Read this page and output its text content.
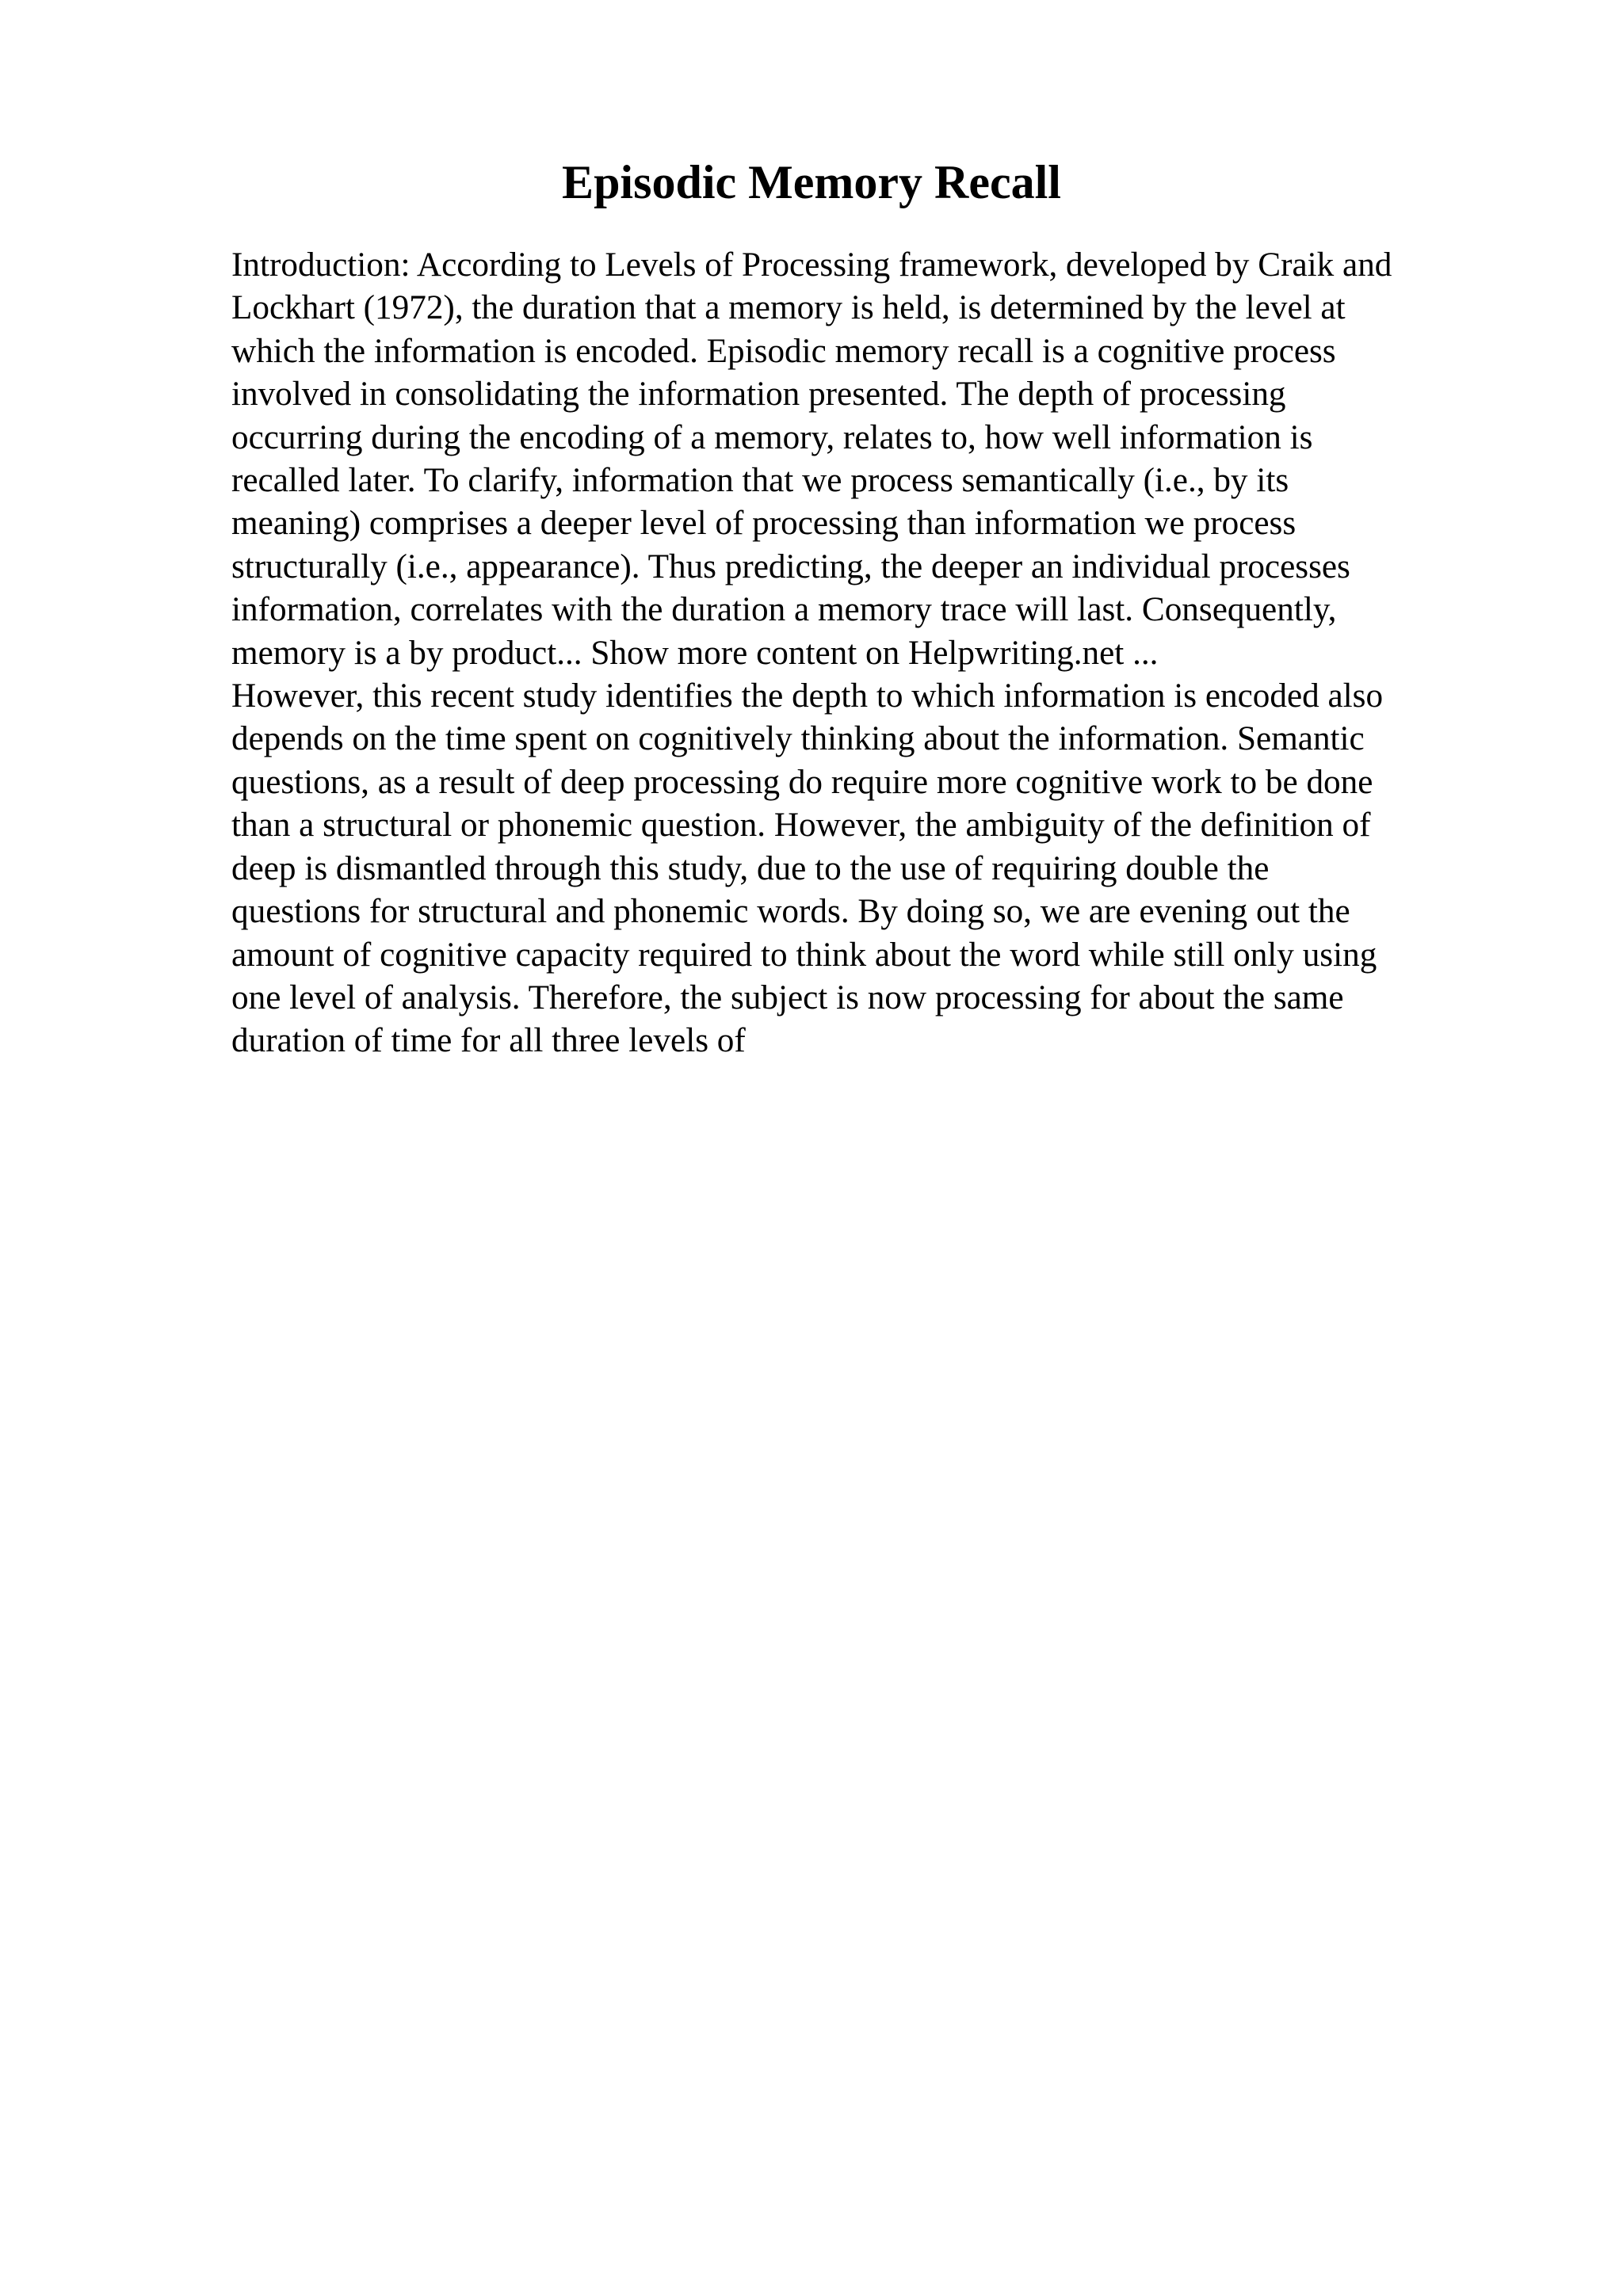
Episodic Memory Recall

Introduction: According to Levels of Processing framework, developed by Craik and

Lockhart (1972), the duration that a memory is held, is determined by the level at

which the information is encoded. Episodic memory recall is a cognitive process

involved in consolidating the information presented. The depth of processing

occurring during the encoding of a memory, relates to, how well information is

recalled later. To clarify, information that we process semantically (i.e., by its

meaning) comprises a deeper level of processing than information we process

structurally (i.e., appearance). Thus predicting, the deeper an individual processes

information, correlates with the duration a memory trace will last. Consequently,

memory is a by product... Show more content on Helpwriting.net ...

However, this recent study identifies the depth to which information is encoded also

depends on the time spent on cognitively thinking about the information. Semantic

questions, as a result of deep processing do require more cognitive work to be done

than a structural or phonemic question. However, the ambiguity of the definition of

deep is dismantled through this study, due to the use of requiring double the

questions for structural and phonemic words. By doing so, we are evening out the

amount of cognitive capacity required to think about the word while still only using

one level of analysis. Therefore, the subject is now processing for about the same

duration of time for all three levels of
